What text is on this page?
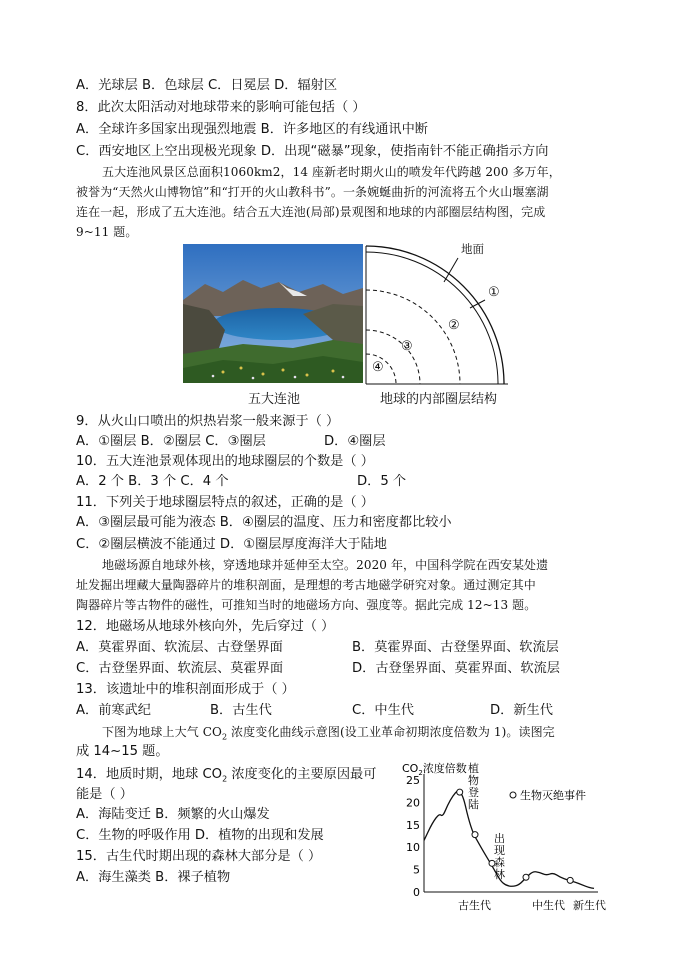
A．光球层 B．色球层 C．日冕层 D．辐射区
8．此次太阳活动对地球带来的影响可能包括（ ）
A．全球许多国家出现强烈地震 B．许多地区的有线通讯中断
C．西安地区上空出现极光现象 D．出现“磁暴”现象，使指南针不能正确指示方向
五大连池风景区总面积1060km2，14 座新老时期火山的喷发年代跨越 200 多万年，
被誉为“天然火山博物馆”和“打开的火山教科书”。一条婉蜒曲折的河流将五个火山堰塞湖
连在一起，形成了五大连池。结合五大连池(局部)景观图和地球的内部圈层结构图，完成
9~11 题。
五大连池
地面
①
②
③
④
地球的内部圈层结构
9．从火山口喷出的炽热岩浆一般来源于（ ）
A．①圈层 B．②圈层 C．③圈层	D．④圈层
10．五大连池景观体现出的地球圈层的个数是（ ）
A．2 个 B．3 个 C．4 个	D．5 个
11．下列关于地球圈层特点的叙述，正确的是（ ）
A．③圈层最可能为液态 B．④圈层的温度、压力和密度都比较小
C．②圈层横波不能通过 D．①圈层厚度海洋大于陆地
地磁场源自地球外核，穿透地球并延伸至太空。2020 年，中国科学院在西安某处遗
址发掘出埋藏大量陶器碎片的堆积剖面，是理想的考古地磁学研究对象。通过测定其中
陶器碎片等古物件的磁性，可推知当时的地磁场方向、强度等。据此完成 12~13 题。
12．地磁场从地球外核向外，先后穿过（ ）
A．莫霍界面、软流层、古登堡界面	B．莫霍界面、古登堡界面、软流层
C．古登堡界面、软流层、莫霍界面	D．古登堡界面、莫霍界面、软流层
13．该遗址中的堆积剖面形成于（ ）
A．前寒武纪	B．古生代	C．中生代	D．新生代
下图为地球上大气 $CO_2$ 浓度变化曲线示意图(设工业革命初期浓度倍数为 1)。读图完
成 14~15 题。
14．地质时期，地球 $CO_2$ 浓度变化的主要原因最可
能是（ ）
A．海陆变迁 B．频繁的火山爆发
C．生物的呼吸作用 D．植物的出现和发展
15．古生代时期出现的森林大部分是（ ）
A．海生藻类 B．裸子植物
$CO_2$浓度倍数
0
5
10
15
20
25
生物灭绝事件
植
物
登
陆
出
现
森
林
古生代	中生代 新生代
